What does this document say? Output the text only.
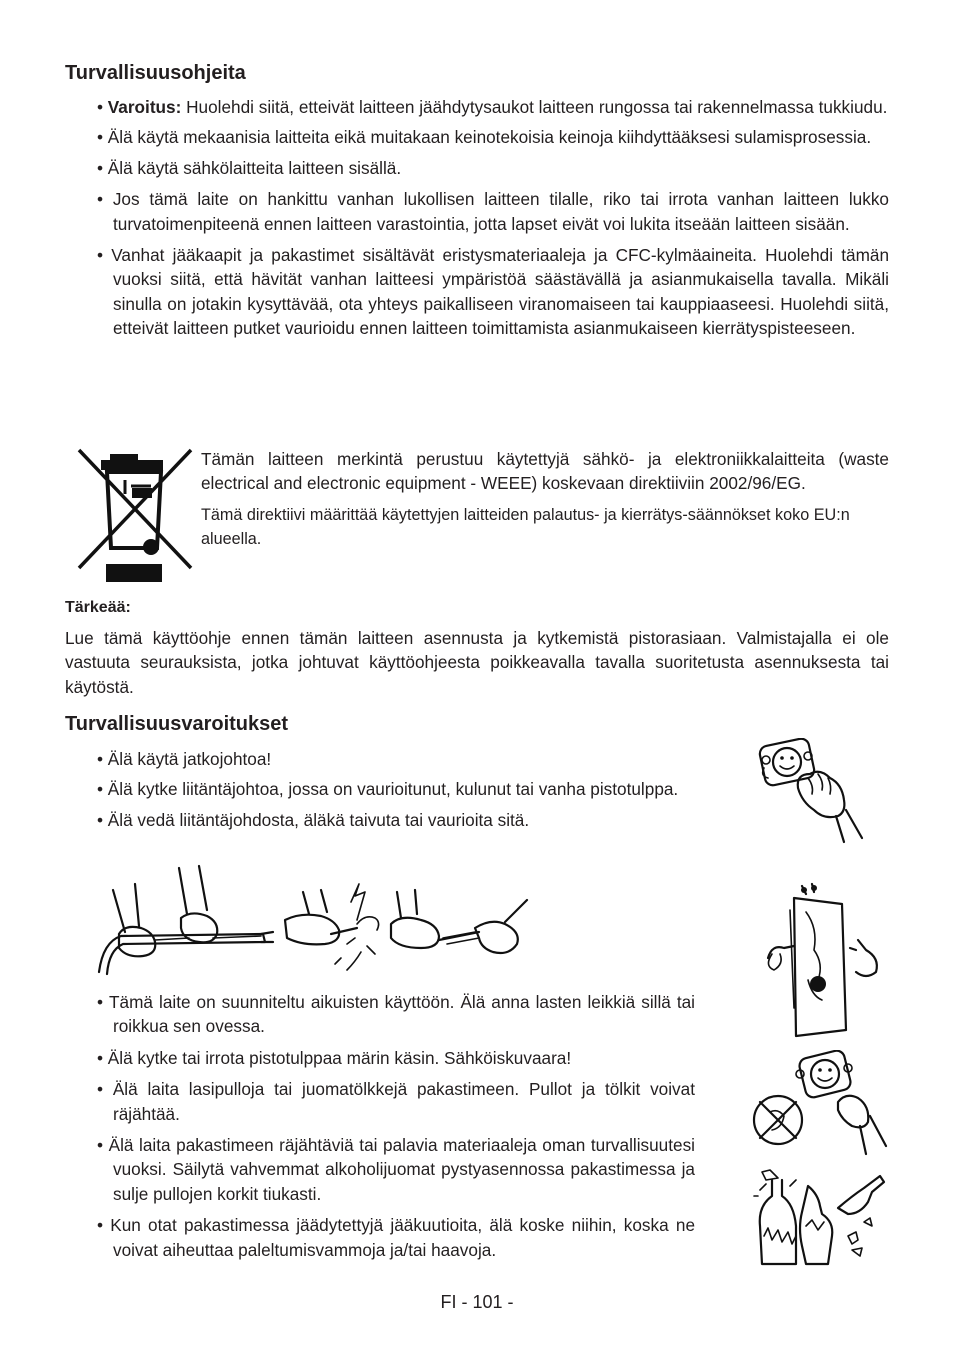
Turvallisuusohjeita

• Varoitus: Huolehdi siitä, etteivät laitteen jäähdytysaukot laitteen rungossa tai rakennelmassa tukkiudu.

• Älä käytä mekaanisia laitteita eikä muitakaan keinotekoisia keinoja kiihdyttääksesi sulamisprosessia.

• Älä käytä sähkölaitteita laitteen sisällä.

• Jos tämä laite on hankittu vanhan lukollisen laitteen tilalle, riko tai irrota vanhan laitteen lukko turvatoimenpiteenä ennen laitteen varastointia, jotta lapset eivät voi lukita itseään laitteen sisään.

• Vanhat jääkaapit ja pakastimet sisältävät eristysmateriaaleja ja CFC-kylmäaineita. Huolehdi tämän vuoksi siitä, että hävität vanhan laitteesi ympäristöä säästävällä ja asianmukaisella tavalla. Mikäli sinulla on jotakin kysyttävää, ota yhteys paikalliseen viranomaiseen tai kauppiaaseesi. Huolehdi siitä, etteivät laitteen putket vaurioidu ennen laitteen toimittamista asianmukaiseen kierrätyspisteeseen.

Tämän laitteen merkintä perustuu käytettyjä sähkö- ja elektroniikkalaitteita (waste electrical and electronic equipment - WEEE) koskevaan direktiiviin 2002/96/EG.

Tämä direktiivi määrittää käytettyjen laitteiden palautus- ja kierrätys-säännökset koko EU:n alueella.

Tärkeää:

Lue tämä käyttöohje ennen tämän laitteen asennusta ja kytkemistä pistorasiaan. Valmistajalla ei ole vastuuta seurauksista, jotka johtuvat käyttöohjeesta poikkeavalla tavalla suoritetusta asennuksesta tai käytöstä.

Turvallisuusvaroitukset

• Älä käytä jatkojohtoa!

• Älä kytke liitäntäjohtoa, jossa on vaurioitunut, kulunut tai vanha pistotulppa.

• Älä vedä liitäntäjohdosta, äläkä taivuta tai vaurioita sitä.

• Tämä laite on suunniteltu aikuisten käyttöön. Älä anna lasten leikkiä sillä tai roikkua sen ovessa.

• Älä kytke tai irrota pistotulppaa märin käsin. Sähköiskuvaara!

• Älä laita lasipulloja tai juomatölkkejä pakastimeen. Pullot ja tölkit voivat räjähtää.

• Älä laita pakastimeen räjähtäviä tai palavia materiaaleja oman turvallisuutesi vuoksi. Säilytä vahvemmat alkoholijuomat pystyasennossa pakastimessa ja sulje pullojen korkit tiukasti.

• Kun otat pakastimessa jäädytettyjä jääkuutioita, älä koske niihin, koska ne voivat aiheuttaa paleltumisvammoja ja/tai haavoja.

FI - 101 -
